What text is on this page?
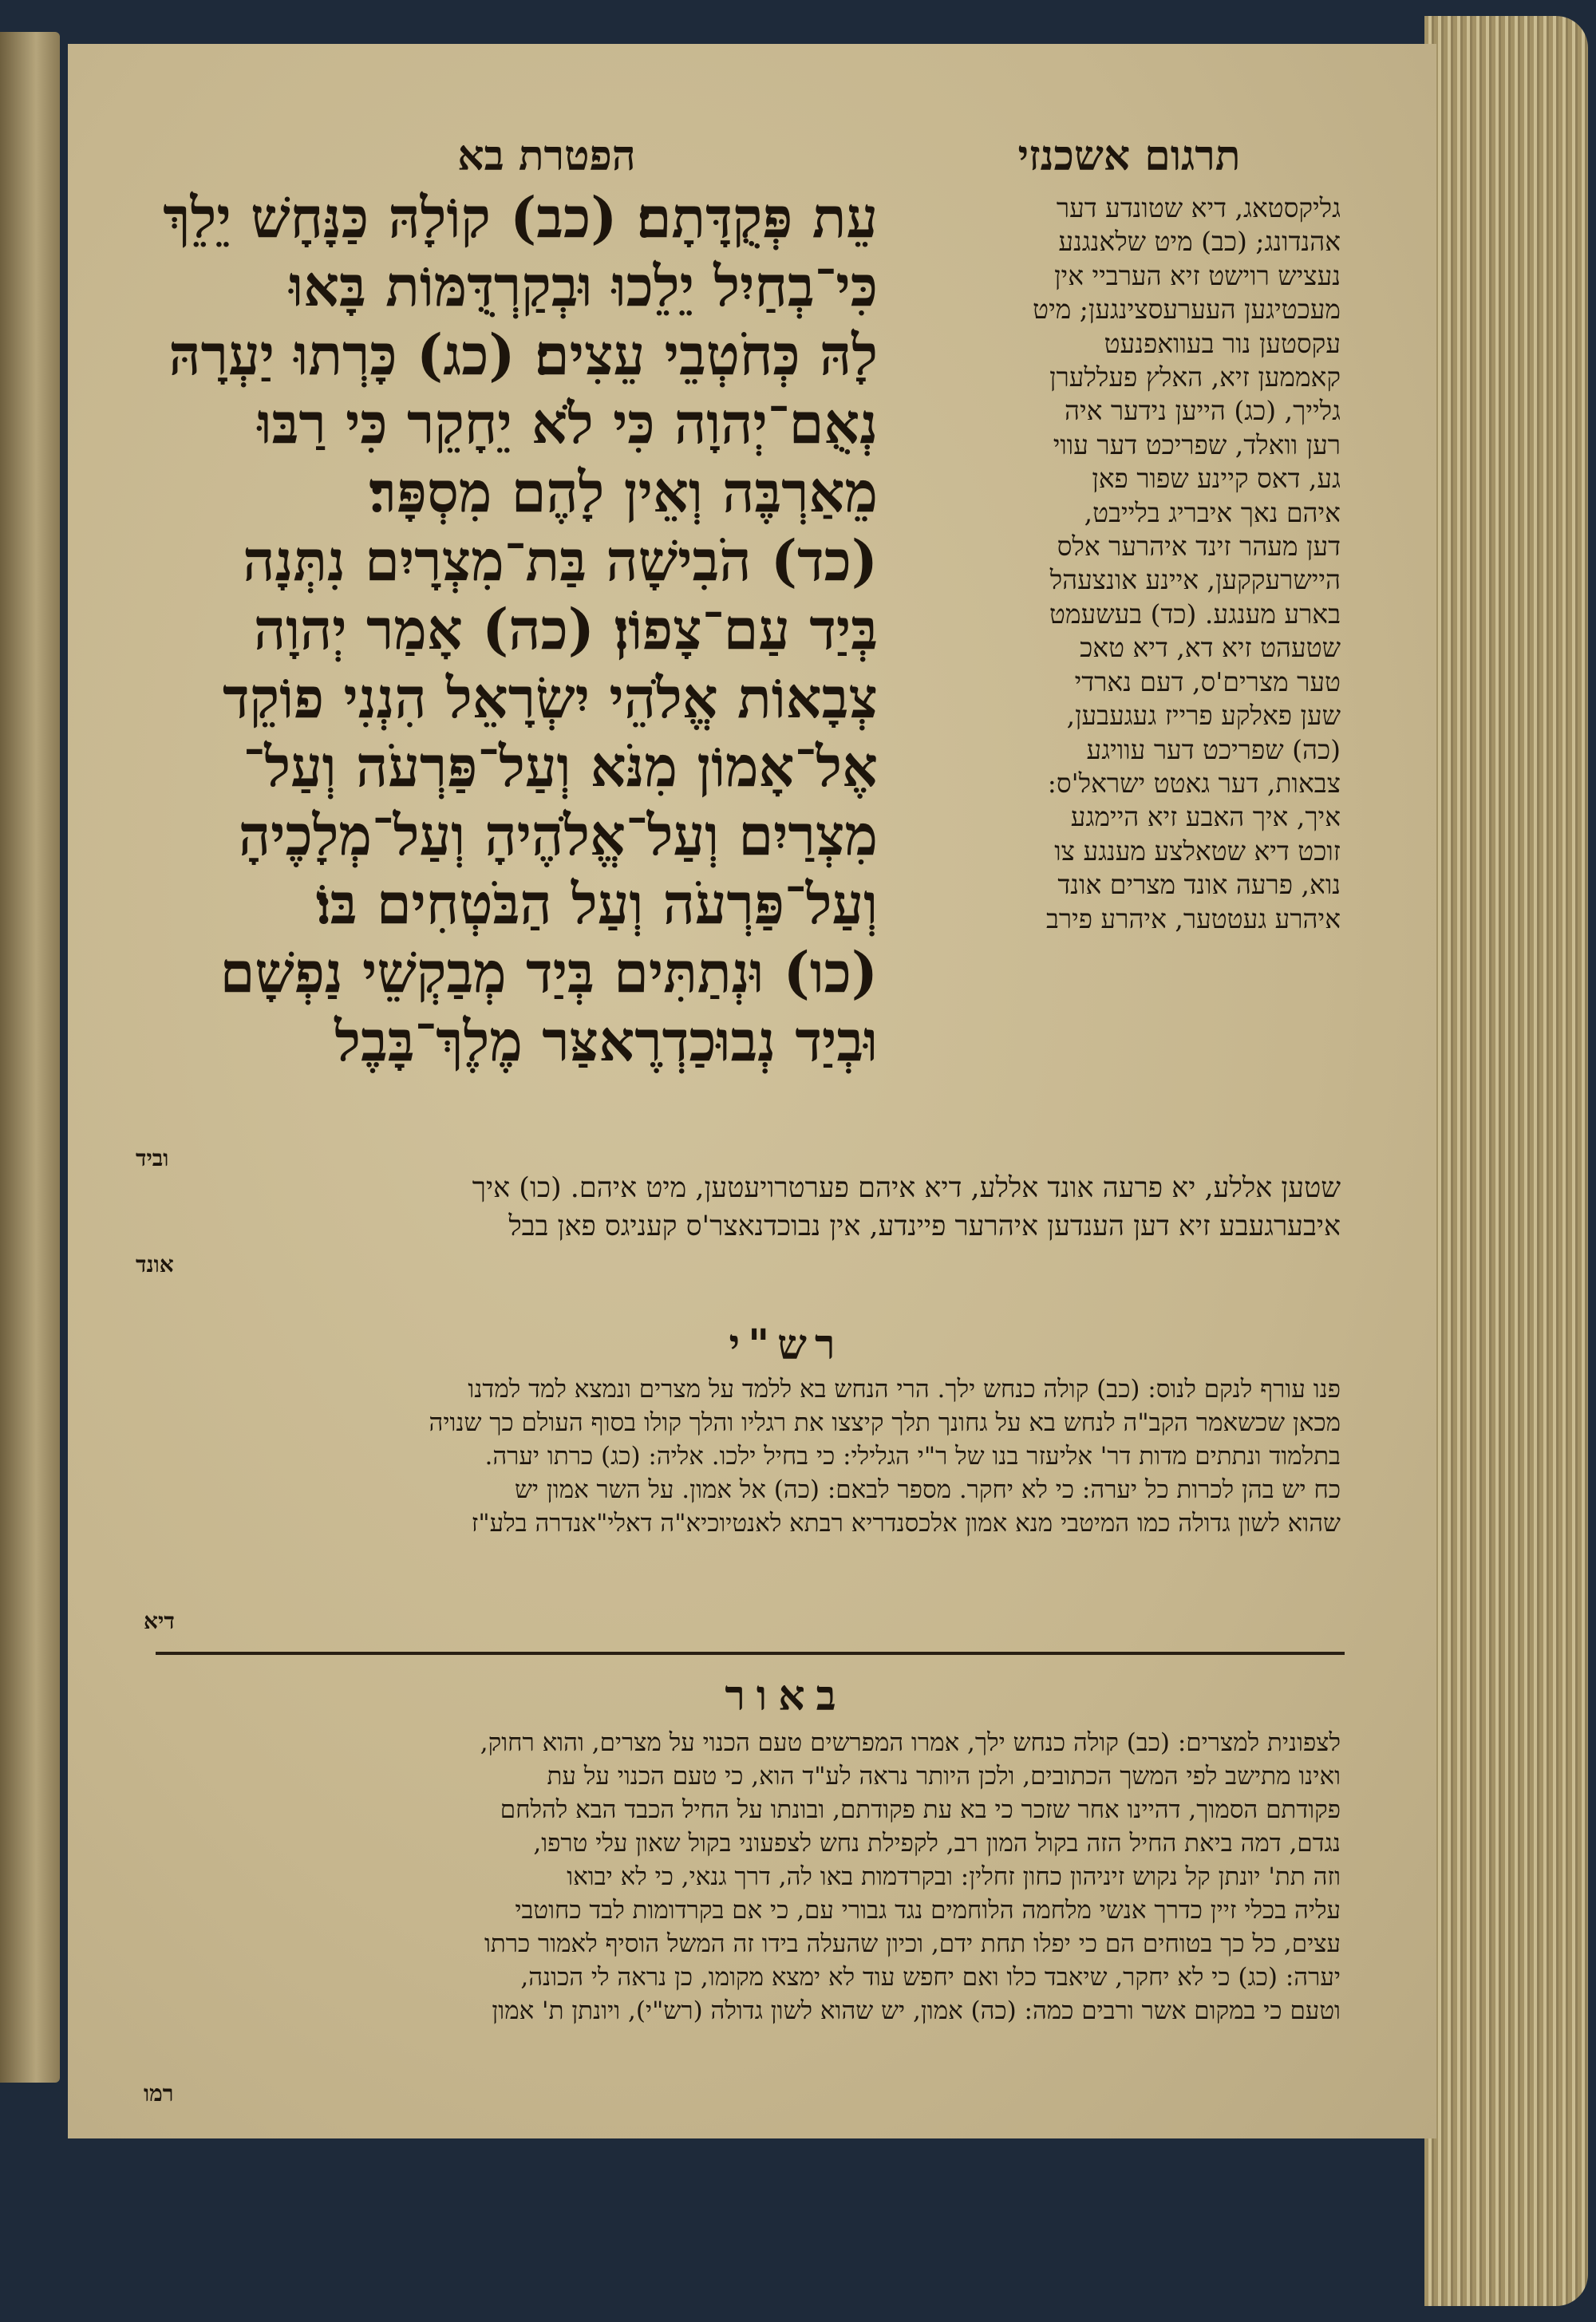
תרגום אשכנזי
הפטרת בא
עֵת פְּקֻדָּתָם׃ (כב) קוֹלָהּ כַּנָּחָשׁ יֵלֵךְ
כִּי־בְחַיִל יֵלֵכוּ וּבְקַרְדֻּמּוֹת בָּאוּ
לָהּ כְּחֹטְבֵי עֵצִים׃ (כג) כָּרְתוּ יַעְרָהּ
נְאֻם־יְהוָה כִּי לֹא יֵחָקֵר כִּי רַבּוּ
מֵאַרְבֶּה וְאֵין לָהֶם מִסְפָּר׃
(כד) הֹבִישָׁה בַּת־מִצְרָיִם נִתְּנָה
בְּיַד עַם־צָפוֹן׃ (כה) אָמַר יְהוָה
צְבָאוֹת אֱלֹהֵי יִשְׂרָאֵל הִנְנִי פוֹקֵד
אֶל־אָמוֹן מִנֹּא וְעַל־פַּרְעֹה וְעַל־
מִצְרַיִם וְעַל־אֱלֹהֶיהָ וְעַל־מְלָכֶיהָ
וְעַל־פַּרְעֹה וְעַל הַבֹּטְחִים בּוֹ׃
(כו) וּנְתַתִּים בְּיַד מְבַקְשֵׁי נַפְשָׁם
וּבְיַד נְבוּכַדְרֶאצַּר מֶלֶךְ־בָּבֶל
גליקסטאג, דיא שטונדע דער
אהנדונג; (כב) מיט שלאנגנע
נעציש רוישט זיא הערביי אין
מעכטיגען העערעסצינגען; מיט
עקסטען נור בעוואפנעט
קאממען זיא, האלץ פעללערן
גלייך, (כג) הייען נידער איה
רען וואלד, שפריכט דער עווי
גע, דאס קיינע שפור פאן
איהם נאך איבריג בלייבט,
דען מעהר זינד איהרער אלס
היישרעקקען, איינע אונצעהל
בארע מענגע. (כד) בעשעמט
שטעהט זיא דא, דיא טאכ
טער מצרים'ס, דעם נארדי
שען פאלקע פרייז געגעבען,
(כה) שפריכט דער עוויגע
צבאות, דער גאטט ישראל'ס:
איך, איך האבע זיא היימגע
זוכט דיא שטאלצע מענגע צו
נוא, פרעה אונד מצרים אונד
איהרע געטטער, איהרע פירב
וביד
שטען אללע, יא פרעה אונד אללע, דיא איהם פערטרויעטען, מיט איהם. (כו) איך
איבערגעבע זיא דען הענדען איהרער פיינדע, אין נבוכדנאצר'ס קעניגס פאן בבל
אונד
רש"י
פנו עורף לנקם לנוס: (כב) קולה כנחש ילך. הרי הנחש בא ללמד על מצרים ונמצא למד למדנו
מכאן שכשאמר הקב"ה לנחש בא על גחונך תלך קיצצו את רגליו והלך קולו בסוף העולם כך שנויה
בתלמוד ונתתים מדות דר' אליעזר בנו של ר"י הגלילי: כי בחיל ילכו. אליה: (כג) כרתו יערה.
כח יש בהן לכרות כל יערה: כי לא יחקר. מספר לבאם: (כה) אל אמון. על השר אמון יש
שהוא לשון גדולה כמו המיטבי מנא אמון אלכסנדריא רבתא לאנטיוכיא"ה דאלי"אנדרה בלע"ז
דיא
באור
לצפונית למצרים: (כב) קולה כנחש ילך, אמרו המפרשים טעם הכנוי על מצרים, והוא רחוק,
ואינו מתישב לפי המשך הכתובים, ולכן היותר נראה לע"ד הוא, כי טעם הכנוי על עת
פקודתם הסמוך, דהיינו אחר שזכר כי בא עת פקודתם, ובונתו על החיל הכבד הבא להלחם
נגדם, דמה ביאת החיל הזה בקול המון רב, לקפילת נחש לצפעוני בקול שאון עלי טרפו,
וזה תת' יונתן קל נקוש זיניהון כחון זחלין: ובקרדמות באו לה, דרך גנאי, כי לא יבואו
עליה בכלי זיין כדרך אנשי מלחמה הלוחמים נגד גבורי עם, כי אם בקרדומות לבד כחוטבי
עצים, כל כך בטוחים הם כי יפלו תחת ידם, וכיון שהעלה בידו זה המשל הוסיף לאמור כרתו
יערה: (כג) כי לא יחקר, שיאבד כלו ואם יחפש עוד לא ימצא מקומו, כן נראה לי הכונה,
וטעם כי במקום אשר ורבים כמה: (כה) אמון, יש שהוא לשון גדולה (רש"י), ויונתן ת' אמון
רמו
